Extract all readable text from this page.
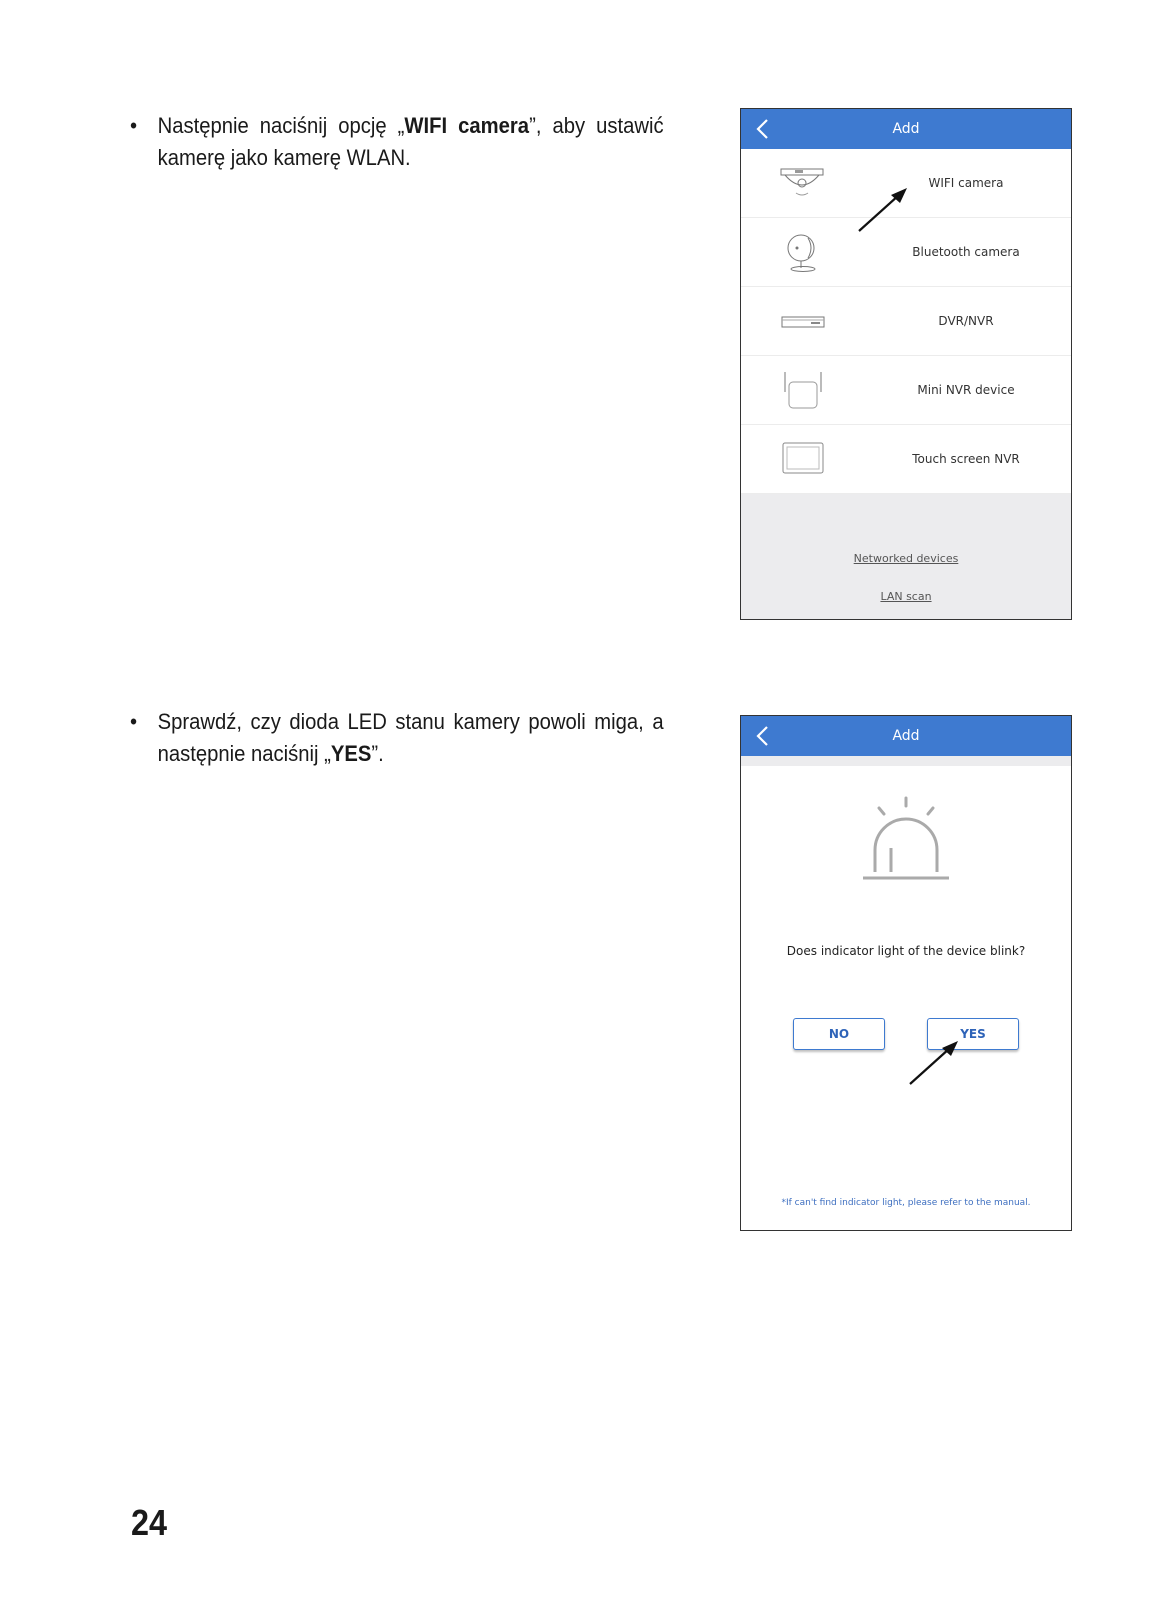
• Następnie naciśnij opcję „WIFI camera”, aby ustawić kamerę jako kamerę WLAN.
Add
WIFI camera
Bluetooth camera
DVR/NVR
Mini NVR device
Touch screen NVR
Networked devices
LAN scan
• Sprawdź, czy dioda LED stanu kamery powoli miga, a następnie naciśnij „YES”.
Add
Does indicator light of the device blink?
NO	YES
*If can't find indicator light, please refer to the manual.
24
